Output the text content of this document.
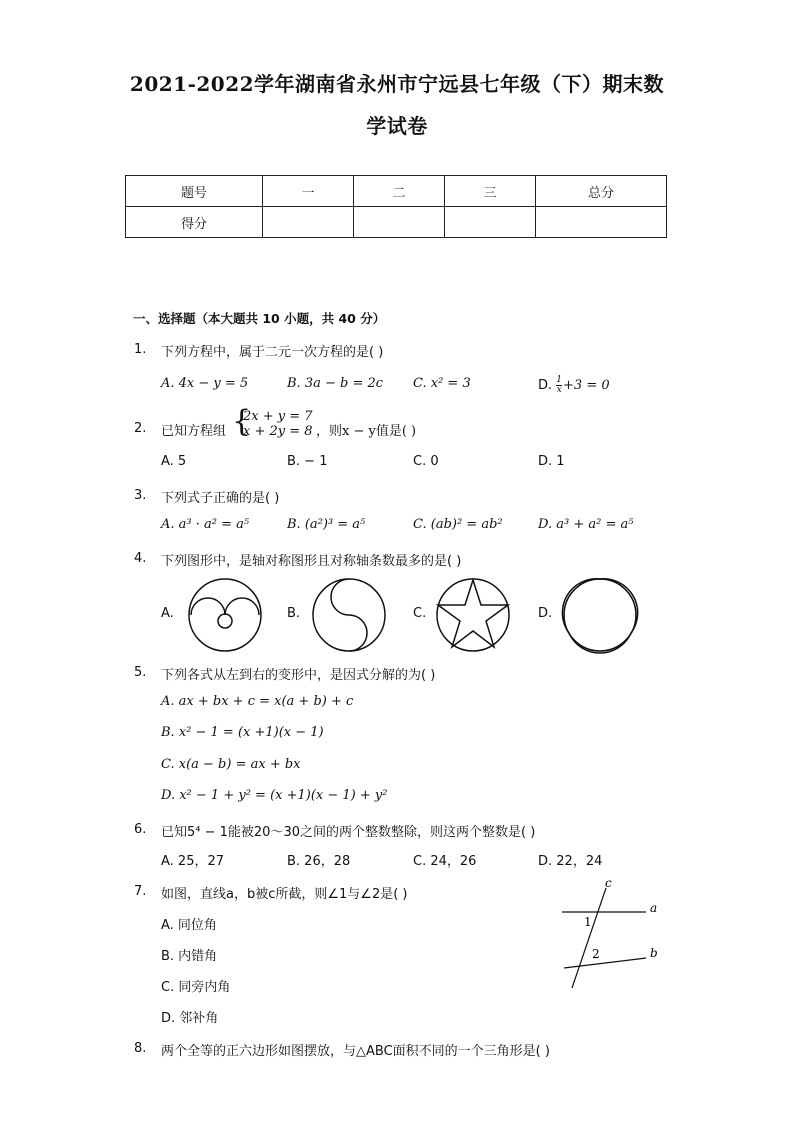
2021-2022学年湖南省永州市宁远县七年级（下）期末数
学试卷
题号	一	二	三	总分
得分				
一、选择题（本大题共 10 小题，共 40 分）
1. 下列方程中，属于二元一次方程的是( )
A. 4x − y = 5	B. 3a − b = 2c C. x² = 3	D. $\frac{1}{x} +3 = 0$
2. 已知方程组 {
2x + y = 7
x + 2y = 8 ，则x − y值是( )
A. 5	B. − 1	C. 0	D. 1
3. 下列式子正确的是( )
A. a³ · a² = a⁵	B. (a²)³ = a⁵	C. (ab)² = ab²	D. a³ + a² = a⁵
4. 下列图形中，是轴对称图形且对称轴条数最多的是( )
A.	B.	C.	D.
5. 下列各式从左到右的变形中，是因式分解的为( )
A. ax + bx + c = x(a + b) + c
B. x² − 1 = (x +1)(x − 1)
C. x(a − b) = ax + bx
D. x² − 1 + y² = (x +1)(x − 1) + y²
6. 已知5⁴ − 1能被20～30之间的两个整数整除，则这两个整数是( )
A. 25，27	B. 26，28	C. 24，26	D. 22，24
7. 如图，直线a，b被c所截，则∠1与∠2是( )
A. 同位角
B. 内错角
C. 同旁内角
D. 邻补角
c
a
b
1
2
8. 两个全等的正六边形如图摆放，与△ABC面积不同的一个三角形是( )
